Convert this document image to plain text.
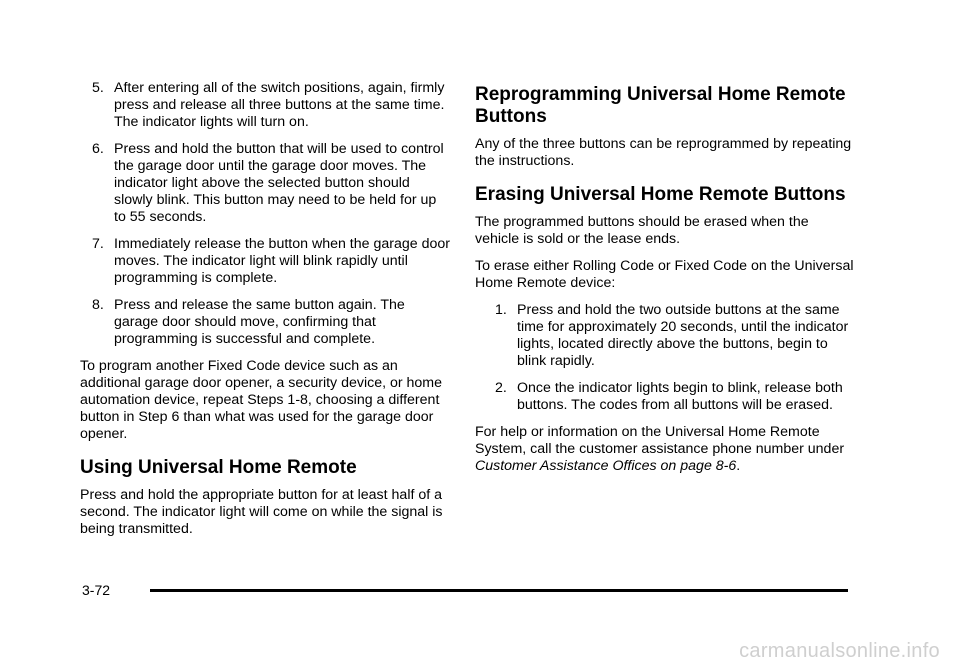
5. After entering all of the switch positions, again, firmly press and release all three buttons at the same time. The indicator lights will turn on.
6. Press and hold the button that will be used to control the garage door until the garage door moves. The indicator light above the selected button should slowly blink. This button may need to be held for up to 55 seconds.
7. Immediately release the button when the garage door moves. The indicator light will blink rapidly until programming is complete.
8. Press and release the same button again. The garage door should move, confirming that programming is successful and complete.

To program another Fixed Code device such as an additional garage door opener, a security device, or home automation device, repeat Steps 1-8, choosing a different button in Step 6 than what was used for the garage door opener.

Using Universal Home Remote

Press and hold the appropriate button for at least half of a second. The indicator light will come on while the signal is being transmitted.

Reprogramming Universal Home Remote Buttons

Any of the three buttons can be reprogrammed by repeating the instructions.

Erasing Universal Home Remote Buttons

The programmed buttons should be erased when the vehicle is sold or the lease ends.

To erase either Rolling Code or Fixed Code on the Universal Home Remote device:

1. Press and hold the two outside buttons at the same time for approximately 20 seconds, until the indicator lights, located directly above the buttons, begin to blink rapidly.
2. Once the indicator lights begin to blink, release both buttons. The codes from all buttons will be erased.

For help or information on the Universal Home Remote System, call the customer assistance phone number under Customer Assistance Offices on page 8-6.

3-72
carmanualsonline.info
